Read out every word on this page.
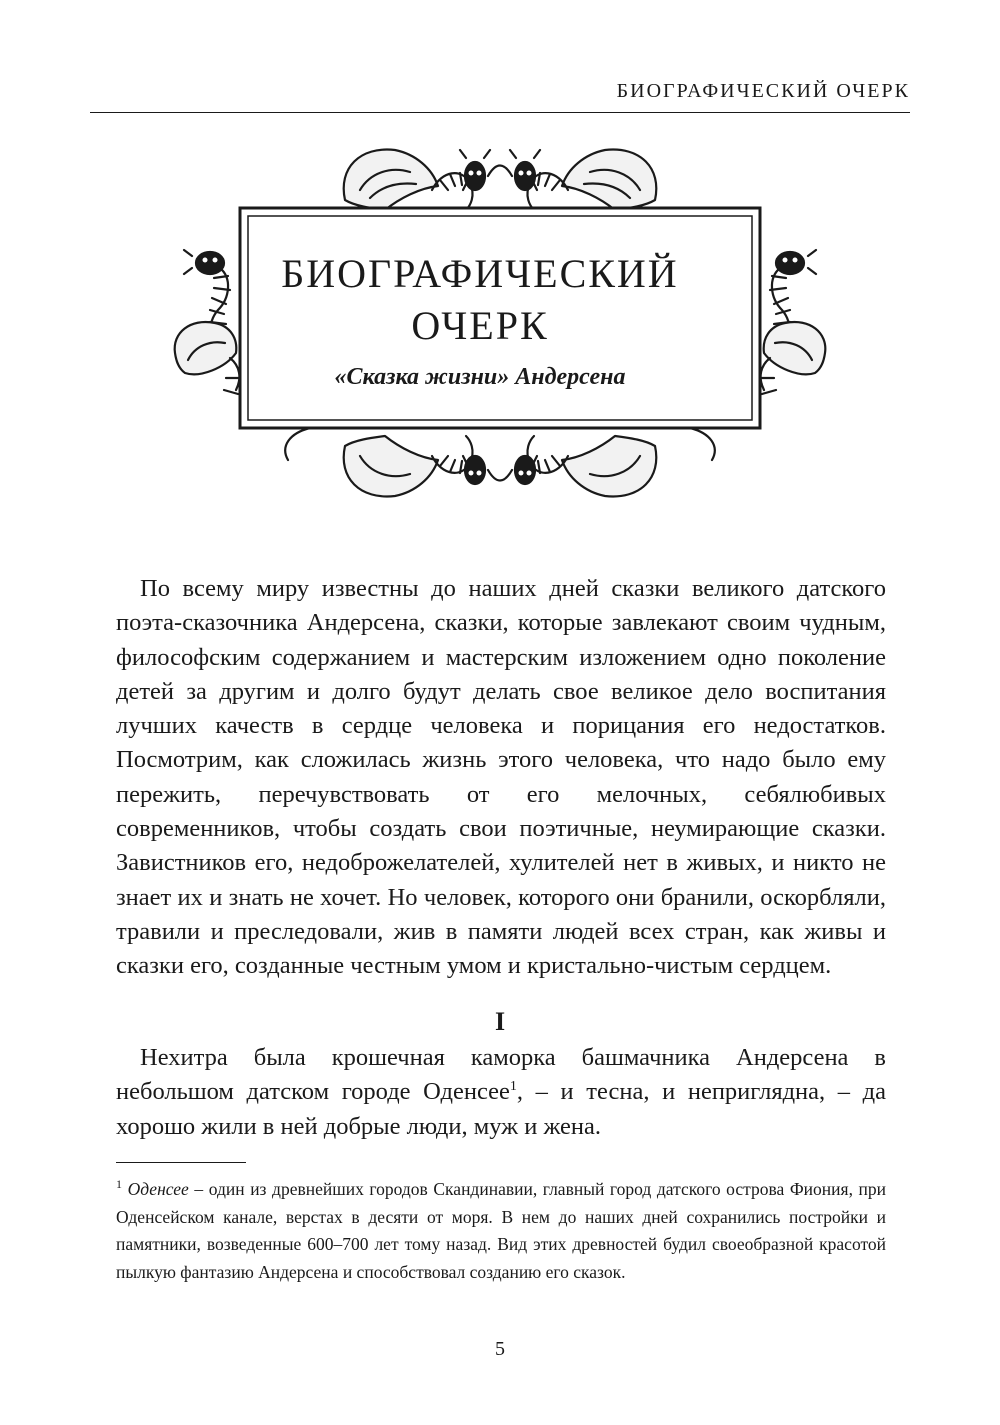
БИОГРАФИЧЕСКИЙ ОЧЕРК
БИОГРАФИЧЕСКИЙ
ОЧЕРК
«Сказка жизни» Андерсена

По всему миру известны до наших дней сказки великого датского поэта-сказочника Андерсена, сказки, которые завлекают своим чудным, философским содержанием и мастерским изложением одно поколение детей за другим и долго будут делать свое великое дело воспитания лучших качеств в сердце человека и порицания его недостатков. Посмотрим, как сложилась жизнь этого человека, что надо было ему пережить, перечувствовать от его мелочных, себялюбивых современников, чтобы создать свои поэтичные, неумирающие сказки. Завистников его, недоброжелателей, хулителей нет в живых, и никто не знает их и знать не хочет. Но человек, которого они бранили, оскорбляли, травили и преследовали, жив в памяти людей всех стран, как живы и сказки его, созданные честным умом и кристально-чистым сердцем.

I

Нехитра была крошечная каморка башмачника Андерсена в небольшом датском городе Оденсее$^1$, – и тесна, и неприглядна, – да хорошо жили в ней добрые люди, муж и жена.

$^1$ Оденсее – один из древнейших городов Скандинавии, главный город датского острова Фиония, при Оденсейском канале, верстах в десяти от моря. В нем до наших дней сохранились постройки и памятники, возведенные 600–700 лет тому назад. Вид этих древностей будил своеобразной красотой пылкую фантазию Андерсена и способствовал созданию его сказок.

5
